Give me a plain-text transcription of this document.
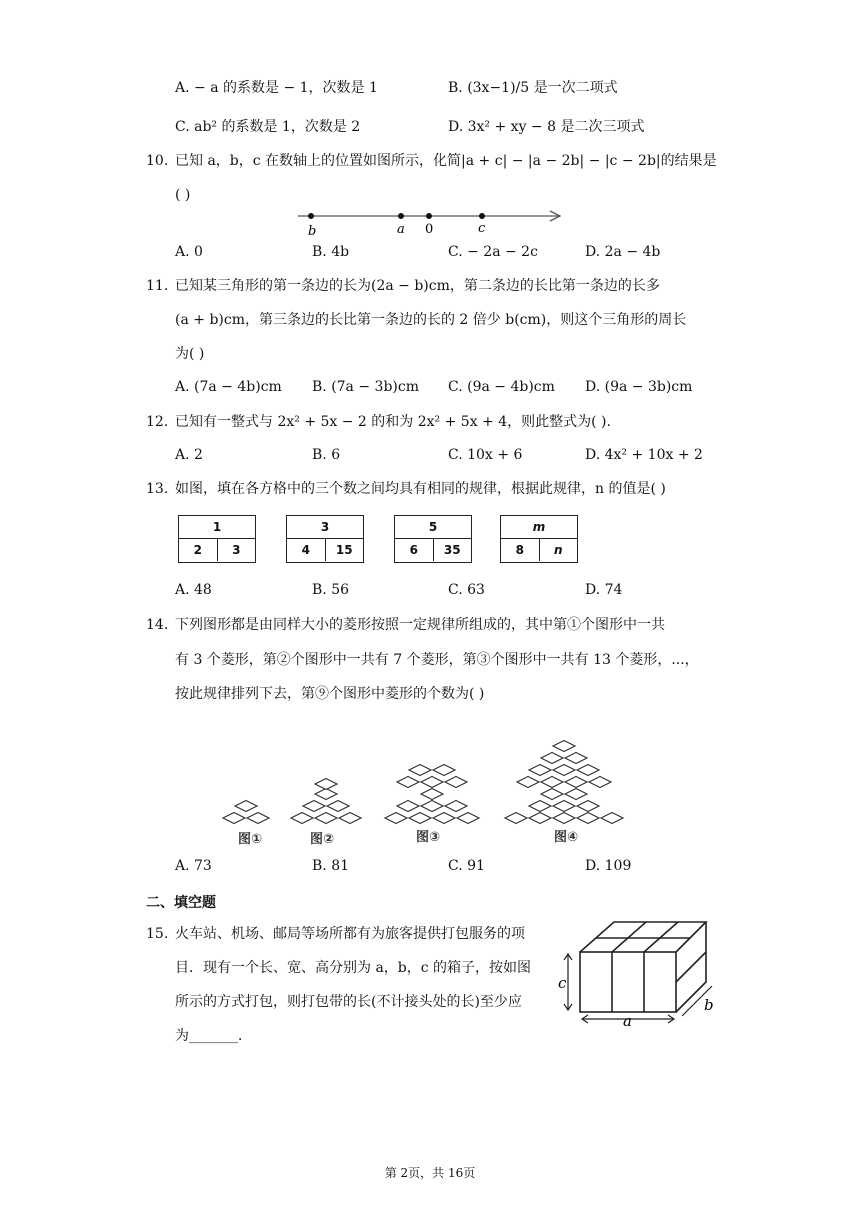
A. − a 的系数是 − 1，次数是 1	B. (3x−1)/5 是一次二项式
C. ab² 的系数是 1，次数是 2	D. 3x² + xy − 8 是二次三项式
10. 已知 a，b，c 在数轴上的位置如图所示，化简|a + c| − |a − 2b| − |c − 2b|的结果是
( )
b	a 0	c
A. 0	B. 4b	C. − 2a − 2c	D. 2a − 4b
11. 已知某三角形的第一条边的长为(2a − b)cm，第二条边的长比第一条边的长多
(a + b)cm，第三条边的长比第一条边的长的 2 倍少 b(cm)，则这个三角形的周长
为( )
A. (7a − 4b)cm B. (7a − 3b)cm C. (9a − 4b)cm D. (9a − 3b)cm
12. 已知有一整式与 2x² + 5x − 2 的和为 2x² + 5x + 4，则此整式为( ).
A. 2	B. 6	C. 10x + 6	D. 4x² + 10x + 2
13. 如图，填在各方格中的三个数之间均具有相同的规律，根据此规律，n 的值是( )
1
2	3
3
4	15
5
6	35
m
8	n
A. 48	B. 56	C. 63	D. 74
14. 下列图形都是由同样大小的菱形按照一定规律所组成的，其中第①个图形中一共
有 3 个菱形，第②个图形中一共有 7 个菱形，第③个图形中一共有 13 个菱形，...，
按此规律排列下去，第⑨个图形中菱形的个数为( )
图①	图②	图③	图④
A. 73	B. 81	C. 91	D. 109
二、填空题
15. 火车站、机场、邮局等场所都有为旅客提供打包服务的项
目．现有一个长、宽、高分别为 a，b，c 的箱子，按如图
所示的方式打包，则打包带的长(不计接头处的长)至少应
为_______．
c
a
b
第 2页，共 16页
